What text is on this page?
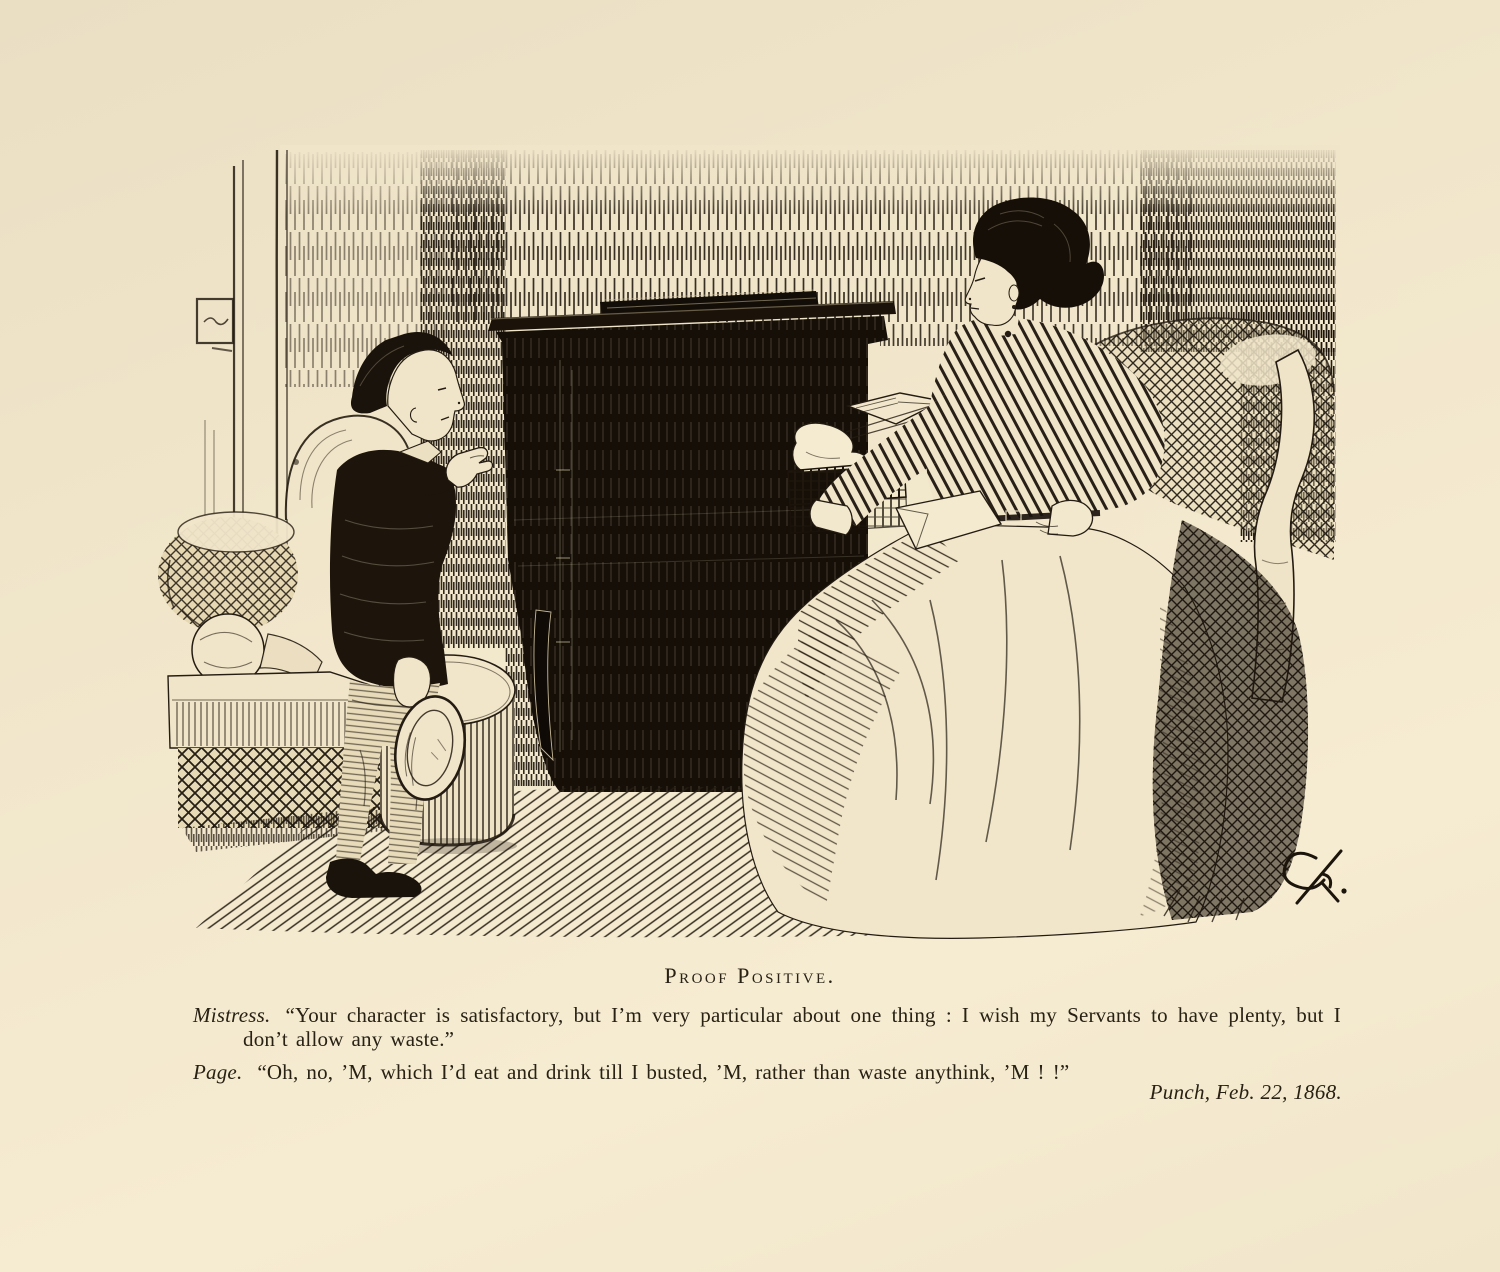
Proof Positive.

Mistress. “Your character is satisfactory, but I’m very particular about one thing : I wish my Servants to have plenty, but I don’t allow any waste.”

Page. “Oh, no, ’M, which I’d eat and drink till I busted, ’M, rather than waste anythink, ’M ! !”

Punch, Feb. 22, 1868.
